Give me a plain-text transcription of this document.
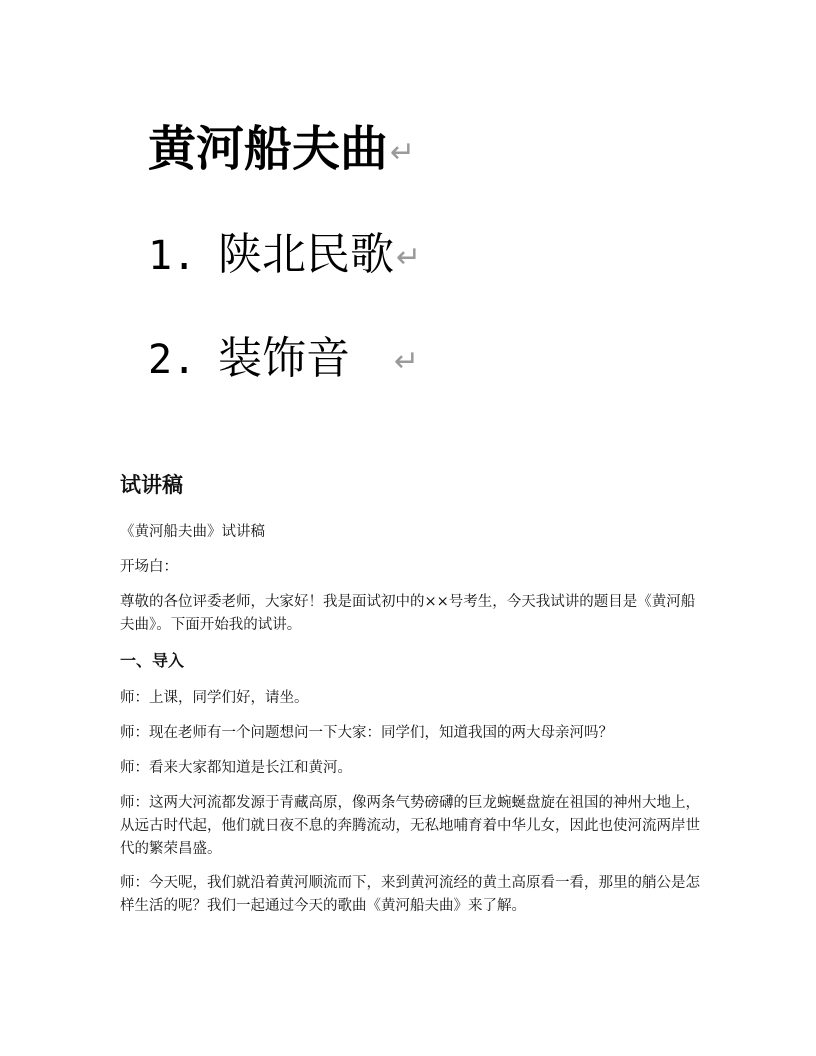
黄河船夫曲↵
1. 陕北民歌↵
2. 装饰音 ↵
试讲稿

《黄河船夫曲》试讲稿

开场白：

尊敬的各位评委老师，大家好！我是面试初中的××号考生，今天我试讲的题目是《黄河船夫曲》。下面开始我的试讲。

一、导入

师：上课，同学们好，请坐。

师：现在老师有一个问题想问一下大家：同学们，知道我国的两大母亲河吗？

师：看来大家都知道是长江和黄河。

师：这两大河流都发源于青藏高原，像两条气势磅礴的巨龙蜿蜒盘旋在祖国的神州大地上，从远古时代起，他们就日夜不息的奔腾流动，无私地哺育着中华儿女，因此也使河流两岸世代的繁荣昌盛。

师：今天呢，我们就沿着黄河顺流而下，来到黄河流经的黄土高原看一看，那里的艄公是怎样生活的呢？我们一起通过今天的歌曲《黄河船夫曲》来了解。
